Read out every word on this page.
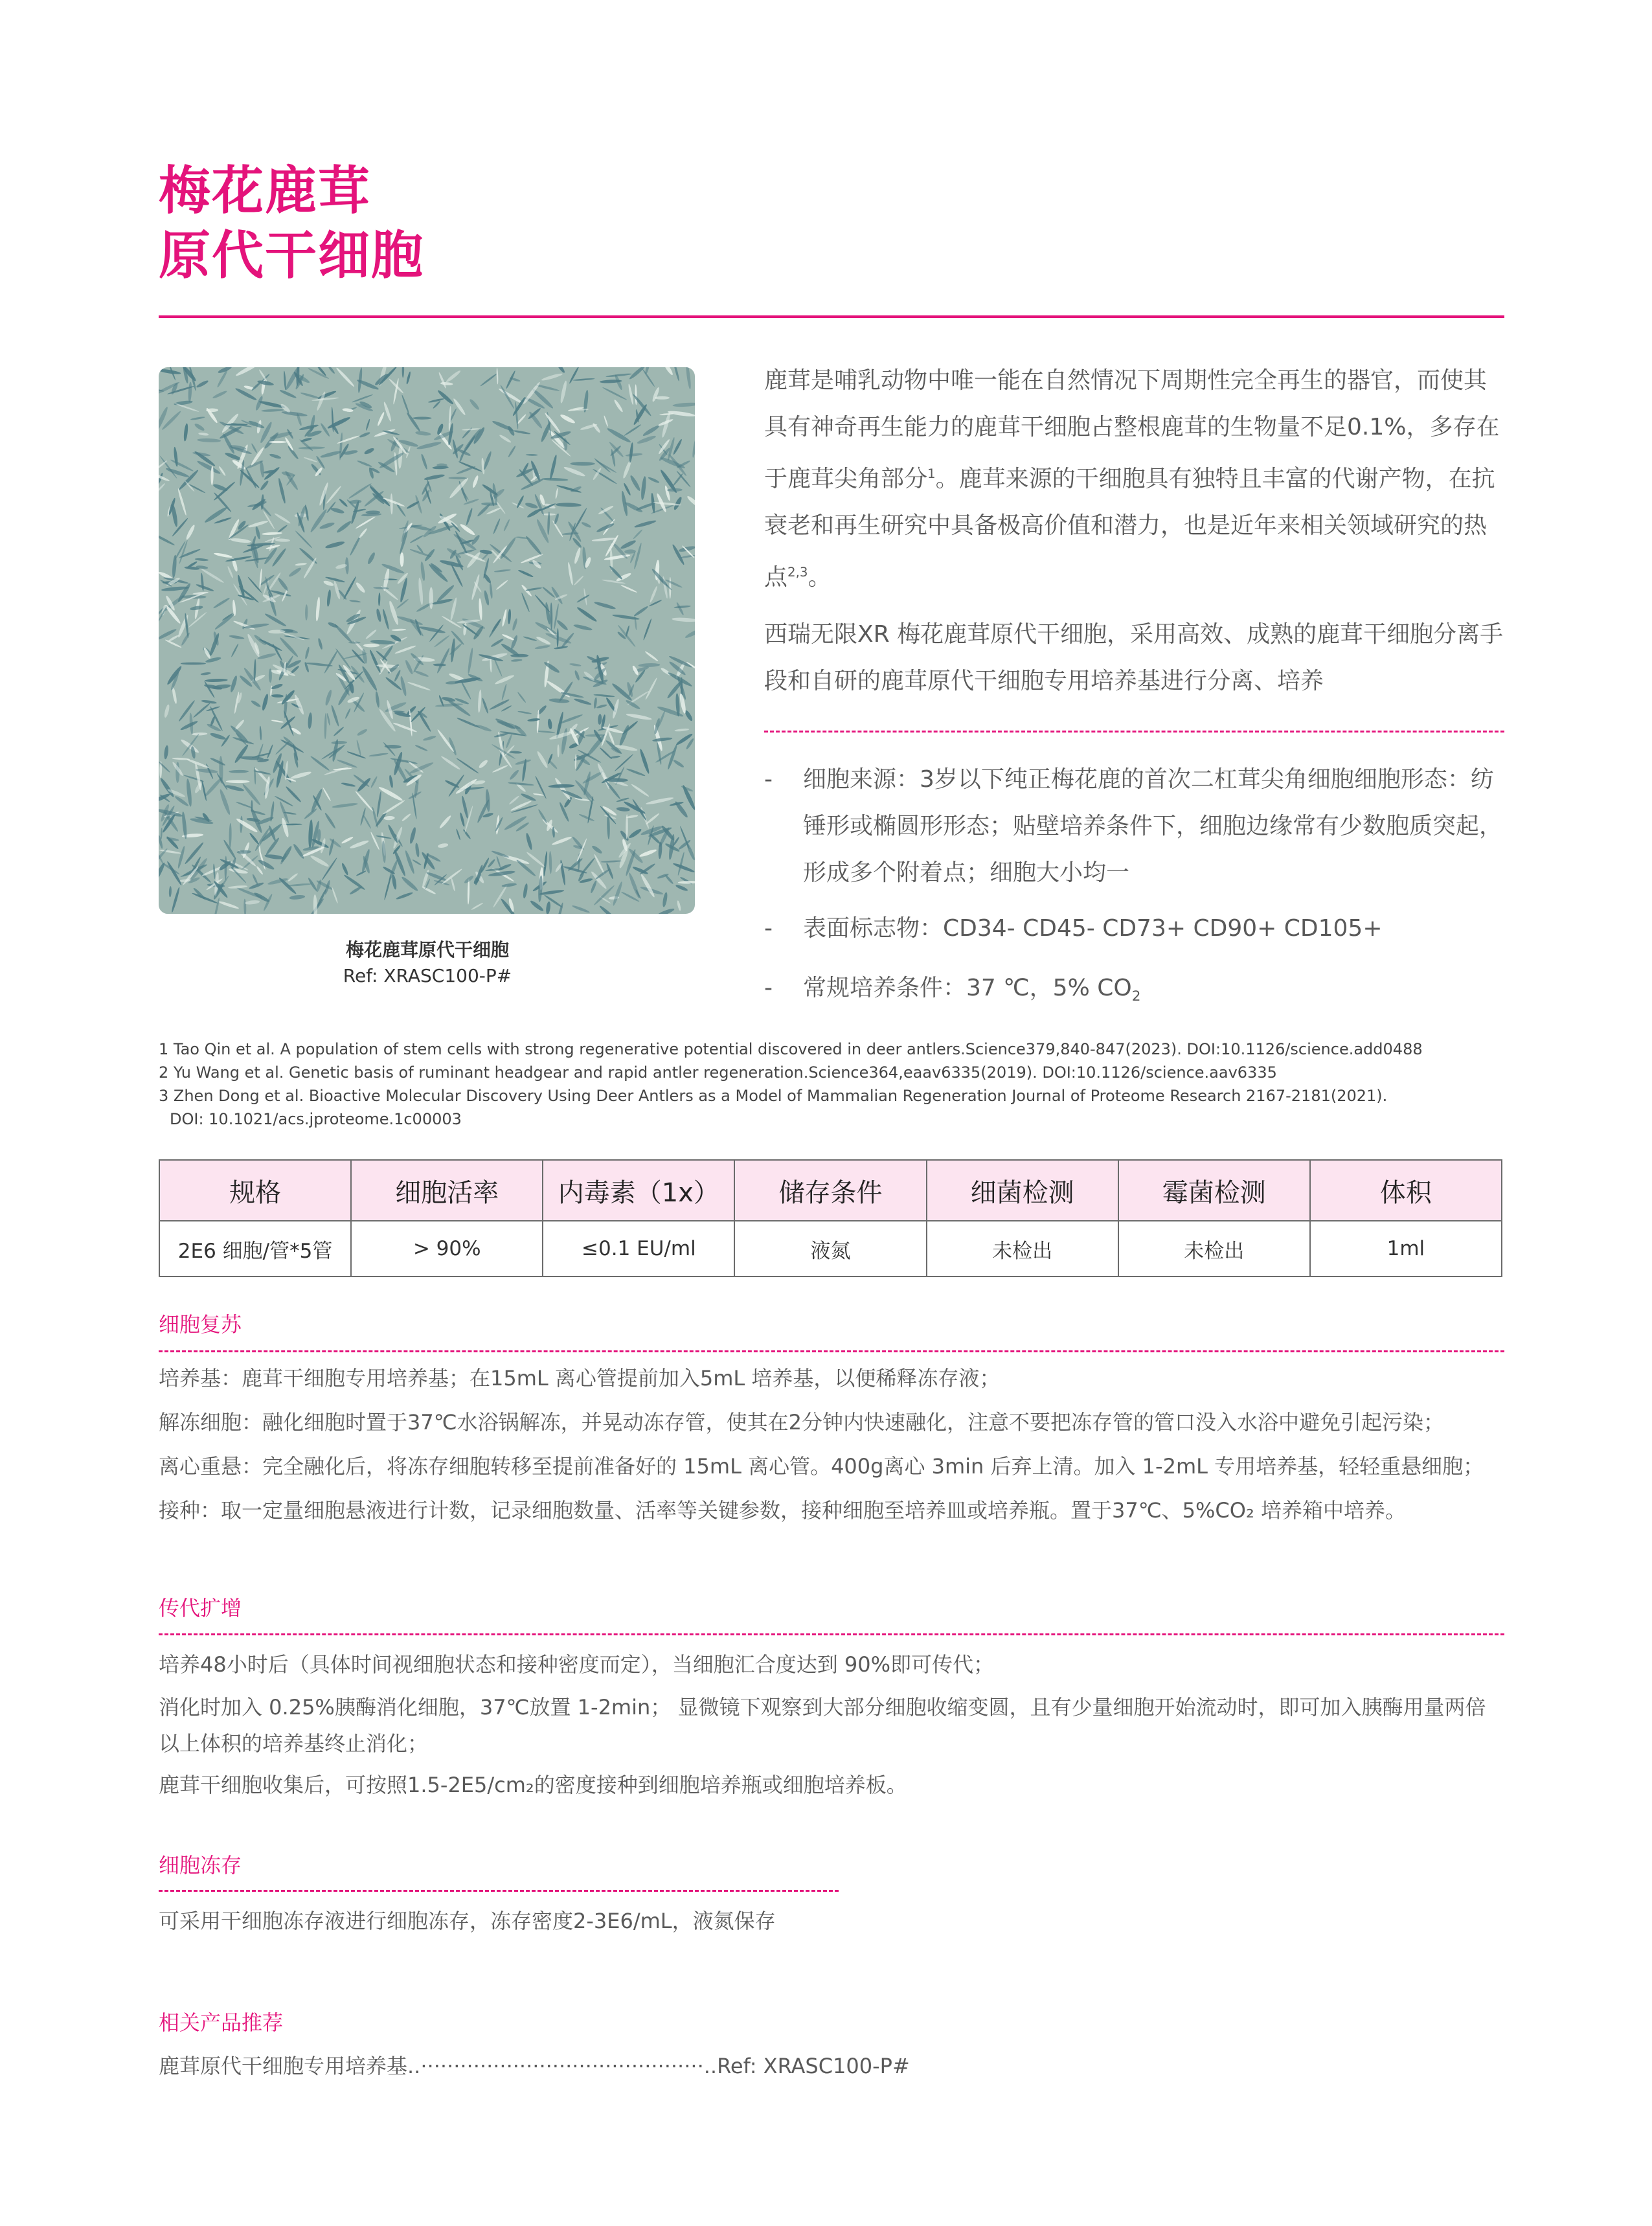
梅花鹿茸
原代干细胞
梅花鹿茸原代干细胞
Ref: XRASC100-P#
鹿茸是哺乳动物中唯一能在自然情况下周期性完全再生的器官，而使其具有神奇再生能力的鹿茸干细胞占整根鹿茸的生物量不足0.1%，多存在于鹿茸尖角部分$^1$。鹿茸来源的干细胞具有独特且丰富的代谢产物，在抗衰老和再生研究中具备极高价值和潜力，也是近年来相关领域研究的热点$^{2,3}$。
西瑞无限XR 梅花鹿茸原代干细胞，采用高效、成熟的鹿茸干细胞分离手段和自研的鹿茸原代干细胞专用培养基进行分离、培养
- 细胞来源：3岁以下纯正梅花鹿的首次二杠茸尖角细胞细胞形态：纺锤形或椭圆形形态；贴壁培养条件下，细胞边缘常有少数胞质突起，形成多个附着点；细胞大小均一
- 表面标志物：CD34- CD45- CD73+ CD90+ CD105+
- 常规培养条件：37 ℃，5% $CO_2$
1 Tao Qin et al. A population of stem cells with strong regenerative potential discovered in deer antlers.Science379,840-847(2023). DOI:10.1126/science.add0488
2 Yu Wang et al. Genetic basis of ruminant headgear and rapid antler regeneration.Science364,eaav6335(2019). DOI:10.1126/science.aav6335
3 Zhen Dong et al. Bioactive Molecular Discovery Using Deer Antlers as a Model of Mammalian Regeneration Journal of Proteome Research 2167-2181(2021).
DOI: 10.1021/acs.jproteome.1c00003
规格	细胞活率	内毒素（1x）	储存条件	细菌检测	霉菌检测	体积
2E6 细胞/管*5管	> 90%	≤0.1 EU/ml	液氮	未检出	未检出	1ml
细胞复苏
培养基：鹿茸干细胞专用培养基；在15mL 离心管提前加入5mL 培养基，以便稀释冻存液；
解冻细胞：融化细胞时置于37℃水浴锅解冻，并晃动冻存管，使其在2分钟内快速融化，注意不要把冻存管的管口没入水浴中避免引起污染；
离心重悬：完全融化后，将冻存细胞转移至提前准备好的 15mL 离心管。400g离心 3min 后弃上清。加入 1-2mL 专用培养基，轻轻重悬细胞；
接种：取一定量细胞悬液进行计数，记录细胞数量、活率等关键参数，接种细胞至培养皿或培养瓶。置于37℃、5%CO₂ 培养箱中培养。
传代扩增
培养48小时后（具体时间视细胞状态和接种密度而定），当细胞汇合度达到 90%即可传代；
消化时加入 0.25%胰酶消化细胞，37℃放置 1-2min； 显微镜下观察到大部分细胞收缩变圆，且有少量细胞开始流动时，即可加入胰酶用量两倍以上体积的培养基终止消化；
鹿茸干细胞收集后，可按照1.5-2E5/cm₂的密度接种到细胞培养瓶或细胞培养板。
细胞冻存
可采用干细胞冻存液进行细胞冻存，冻存密度2-3E6/mL，液氮保存
相关产品推荐
鹿茸原代干细胞专用培养基..···········································..Ref: XRASC100-P#
